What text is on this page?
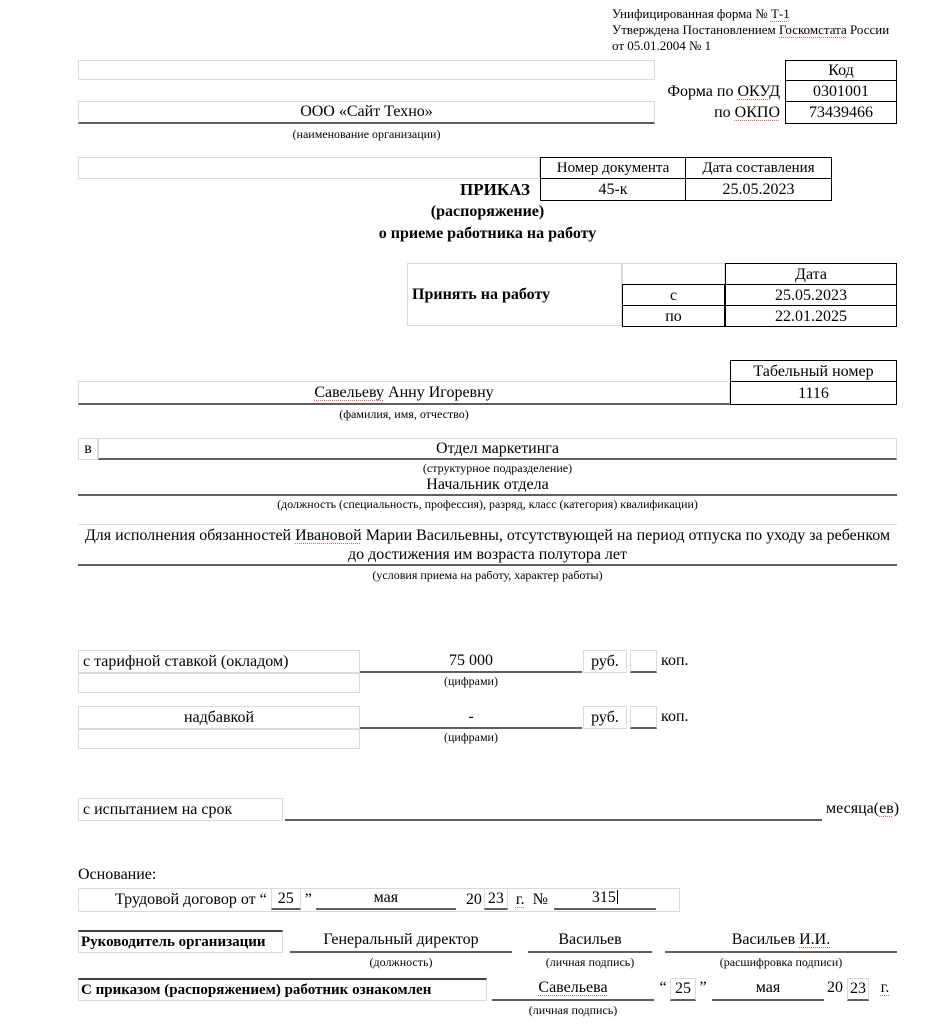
Унифицированная форма № Т-1
Утверждена Постановлением Госкомстата России
от 05.01.2004 № 1
Код
Форма по ОКУД	0301001
ООО «Сайт Техно»	по ОКПО	73439466
(наименование организации)
Номер документа	Дата составления
ПРИКАЗ	45-к	25.05.2023
(распоряжение)
о приеме работника на работу
Принять на работу
Дата
с	25.05.2023
по	22.01.2025
Табельный номер
Савельеву Анну Игоревну	1116
(фамилия, имя, отчество)
в	Отдел маркетинга
(структурное подразделение)
Начальник отдела
(должность (специальность, профессия), разряд, класс (категория) квалификации)
Для исполнения обязанностей Ивановой Марии Васильевны, отсутствующей на период отпуска по уходу за ребенком
до достижения им возраста полутора лет
(условия приема на работу, характер работы)
с тарифной ставкой (окладом)	75 000	руб.	коп.
(цифрами)
надбавкой	-	руб.	коп.
(цифрами)
с испытанием на срок	месяца(ев)
Основание:
Трудовой договор от “ 25 ”	мая	20 23 г. №	315
Руководитель организации	Генеральный директор	Васильев	Васильев И.И.
(должность)	(личная подпись)	(расшифровка подписи)
С приказом (распоряжением) работник ознакомлен	Савельева	“ 25 ”	мая	20 23 г.
(личная подпись)
